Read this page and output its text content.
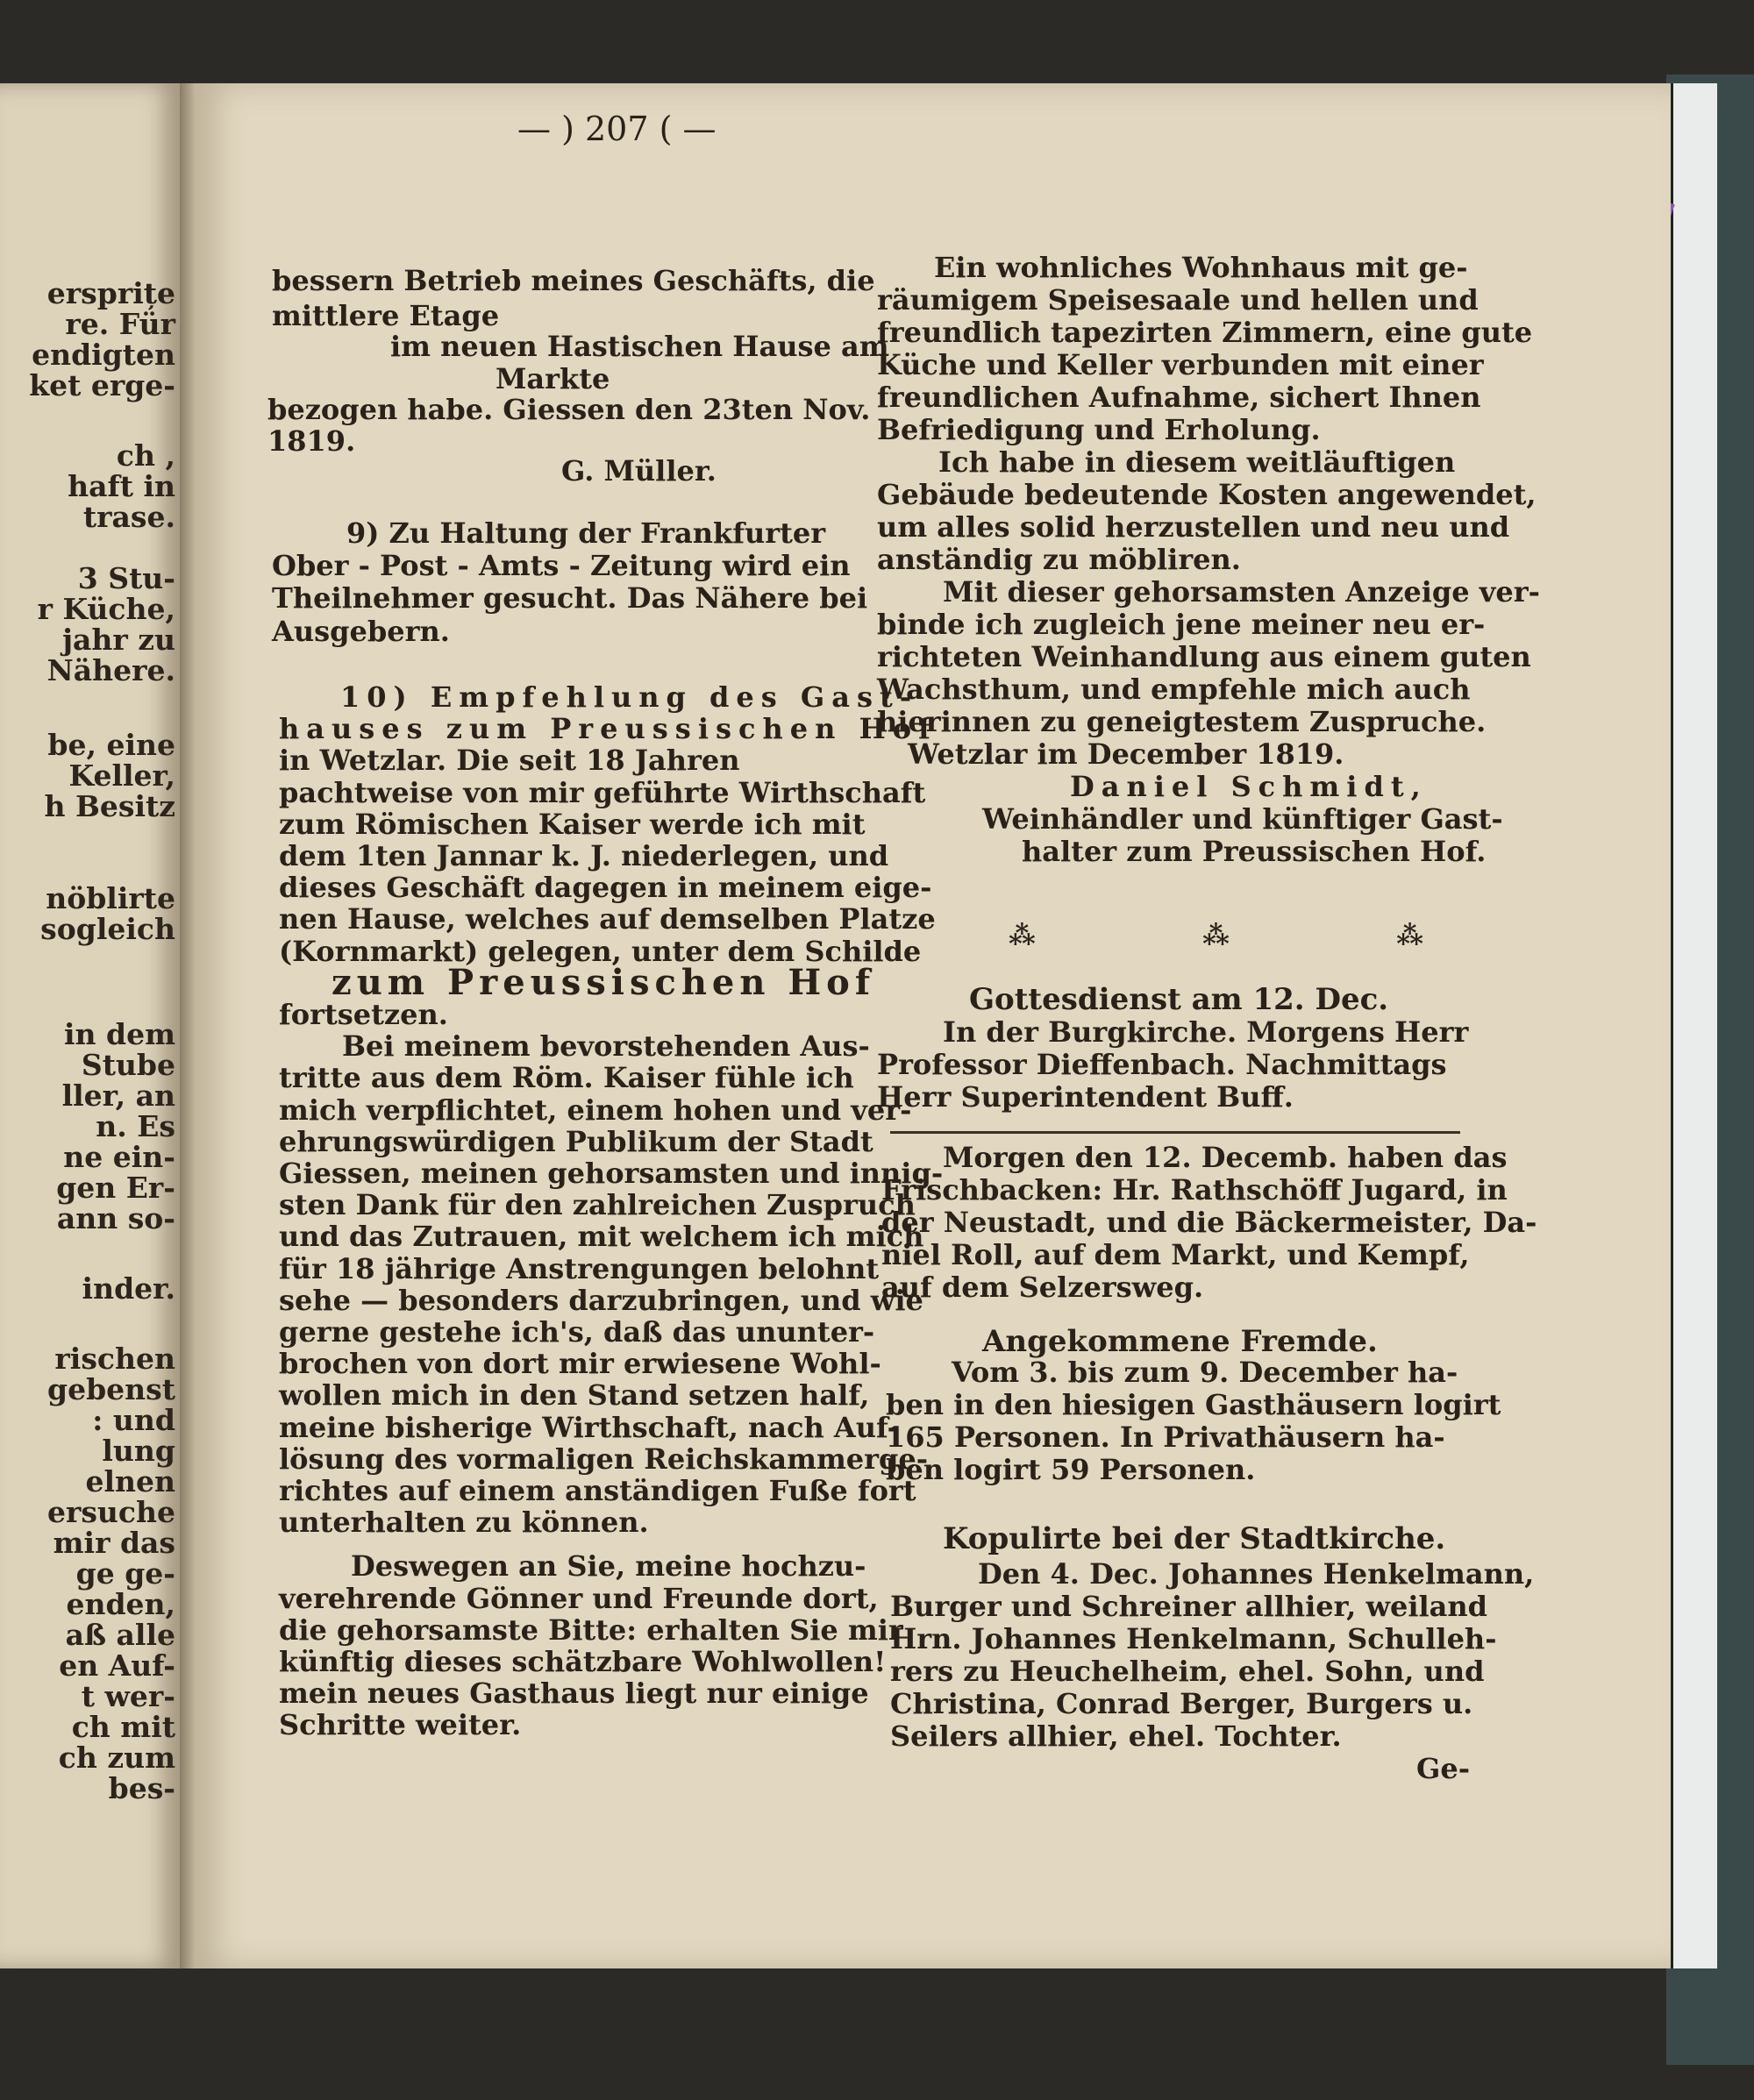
ersprițe
re. Für
endigten
ket erge-
ch ,
haft in
trase.
3 Stu-
r Küche,
jahr zu
Nähere.
be, eine
Keller,
h Besitz
nöblirte
sogleich
in dem
Stube
ller, an
n. Es
ne ein-
gen Er-
ann so-
inder.
rischen
gebenst
: und
lung
elnen
ersuche
mir das
ge ge-
enden,
aß alle
en Auf-
t wer-
ch mit
ch zum
bes-
— ) 207 ( —
⁂ ⁂ ⁂
bessern Betrieb meines Geschäfts, die
mittlere Etage
im neuen Hastischen Hause am
Markte
bezogen habe. Giessen den 23ten Nov.
1819.
G. Müller.
9) Zu Haltung der Frankfurter
Ober - Post - Amts - Zeitung wird ein
Theilnehmer gesucht. Das Nähere bei
Ausgebern.
10) Empfehlung des Gast-
hauses zum Preussischen Hof
in Wetzlar. Die seit 18 Jahren
pachtweise von mir geführte Wirthschaft
zum Römischen Kaiser werde ich mit
dem 1ten Jannar k. J. niederlegen, und
dieses Geschäft dagegen in meinem eige-
nen Hause, welches auf demselben Platze
(Kornmarkt) gelegen, unter dem Schilde
zum Preussischen Hof
fortsetzen.
Bei meinem bevorstehenden Aus-
tritte aus dem Röm. Kaiser fühle ich
mich verpflichtet, einem hohen und ver-
ehrungswürdigen Publikum der Stadt
Giessen, meinen gehorsamsten und innig-
sten Dank für den zahlreichen Zuspruch
und das Zutrauen, mit welchem ich mich
für 18 jährige Anstrengungen belohnt
sehe — besonders darzubringen, und wie
gerne gestehe ich's, daß das ununter-
brochen von dort mir erwiesene Wohl-
wollen mich in den Stand setzen half,
meine bisherige Wirthschaft, nach Auf-
lösung des vormaligen Reichskammerge-
richtes auf einem anständigen Fuße fort
unterhalten zu können.
Deswegen an Sie, meine hochzu-
verehrende Gönner und Freunde dort,
die gehorsamste Bitte: erhalten Sie mir
künftig dieses schätzbare Wohlwollen!
mein neues Gasthaus liegt nur einige
Schritte weiter.
Ein wohnliches Wohnhaus mit ge-
räumigem Speisesaale und hellen und
freundlich tapezirten Zimmern, eine gute
Küche und Keller verbunden mit einer
freundlichen Aufnahme, sichert Ihnen
Befriedigung und Erholung.
Ich habe in diesem weitläuftigen
Gebäude bedeutende Kosten angewendet,
um alles solid herzustellen und neu und
anständig zu möbliren.
Mit dieser gehorsamsten Anzeige ver-
binde ich zugleich jene meiner neu er-
richteten Weinhandlung aus einem guten
Wachsthum, und empfehle mich auch
hierinnen zu geneigtestem Zuspruche.
Wetzlar im December 1819.
Daniel Schmidt,
Weinhändler und künftiger Gast-
halter zum Preussischen Hof.
Gottesdienst am 12. Dec.
In der Burgkirche. Morgens Herr
Professor Dieffenbach. Nachmittags
Herr Superintendent Buff.
Morgen den 12. Decemb. haben das
Frischbacken: Hr. Rathschöff Jugard, in
der Neustadt, und die Bäckermeister, Da-
niel Roll, auf dem Markt, und Kempf,
auf dem Selzersweg.
Angekommene Fremde.
Vom 3. bis zum 9. December ha-
ben in den hiesigen Gasthäusern logirt
165 Personen. In Privathäusern ha-
ben logirt 59 Personen.
Kopulirte bei der Stadtkirche.
Den 4. Dec. Johannes Henkelmann,
Burger und Schreiner allhier, weiland
Hrn. Johannes Henkelmann, Schulleh-
rers zu Heuchelheim, ehel. Sohn, und
Christina, Conrad Berger, Burgers u.
Seilers allhier, ehel. Tochter.
Ge-
